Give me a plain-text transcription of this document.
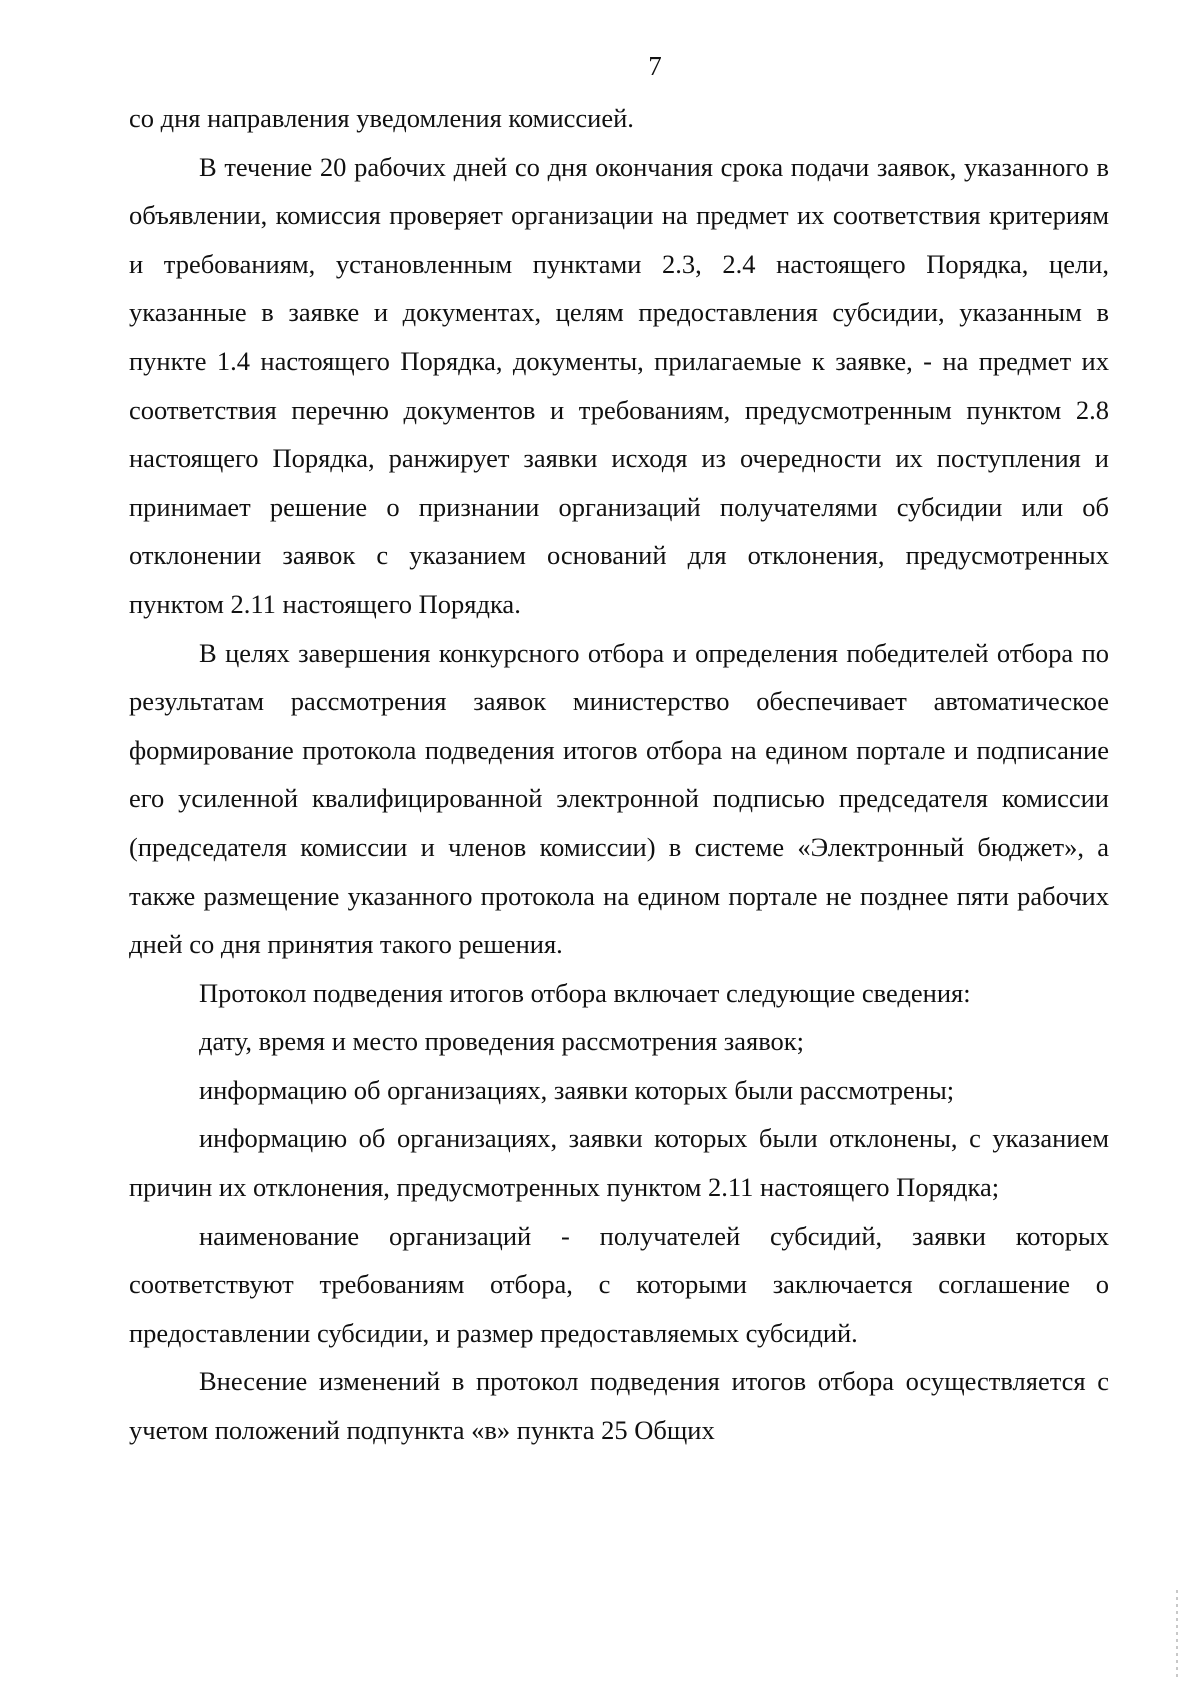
7

со дня направления уведомления комиссией.

В течение 20 рабочих дней со дня окончания срока подачи заявок, указанного в объявлении, комиссия проверяет организации на предмет их соответствия критериям и требованиям, установленным пунктами 2.3, 2.4 настоящего Порядка, цели, указанные в заявке и документах, целям предоставления субсидии, указанным в пункте 1.4 настоящего Порядка, документы, прилагаемые к заявке, - на предмет их соответствия перечню документов и требованиям, предусмотренным пунктом 2.8 настоящего Порядка, ранжирует заявки исходя из очередности их поступления и принимает решение о признании организаций получателями субсидии или об отклонении заявок с указанием оснований для отклонения, предусмотренных пунктом 2.11 настоящего Порядка.

В целях завершения конкурсного отбора и определения победителей отбора по результатам рассмотрения заявок министерство обеспечивает автоматическое формирование протокола подведения итогов отбора на едином портале и подписание его усиленной квалифицированной электронной подписью председателя комиссии (председателя комиссии и членов комиссии) в системе «Электронный бюджет», а также размещение указанного протокола на едином портале не позднее пяти рабочих дней со дня принятия такого решения.

Протокол подведения итогов отбора включает следующие сведения:

дату, время и место проведения рассмотрения заявок;

информацию об организациях, заявки которых были рассмотрены;

информацию об организациях, заявки которых были отклонены, с указанием причин их отклонения, предусмотренных пунктом 2.11 настоящего Порядка;

наименование организаций - получателей субсидий, заявки которых соответствуют требованиям отбора, с которыми заключается соглашение о предоставлении субсидии, и размер предоставляемых субсидий.

Внесение изменений в протокол подведения итогов отбора осуществляется с учетом положений подпункта «в» пункта 25 Общих
